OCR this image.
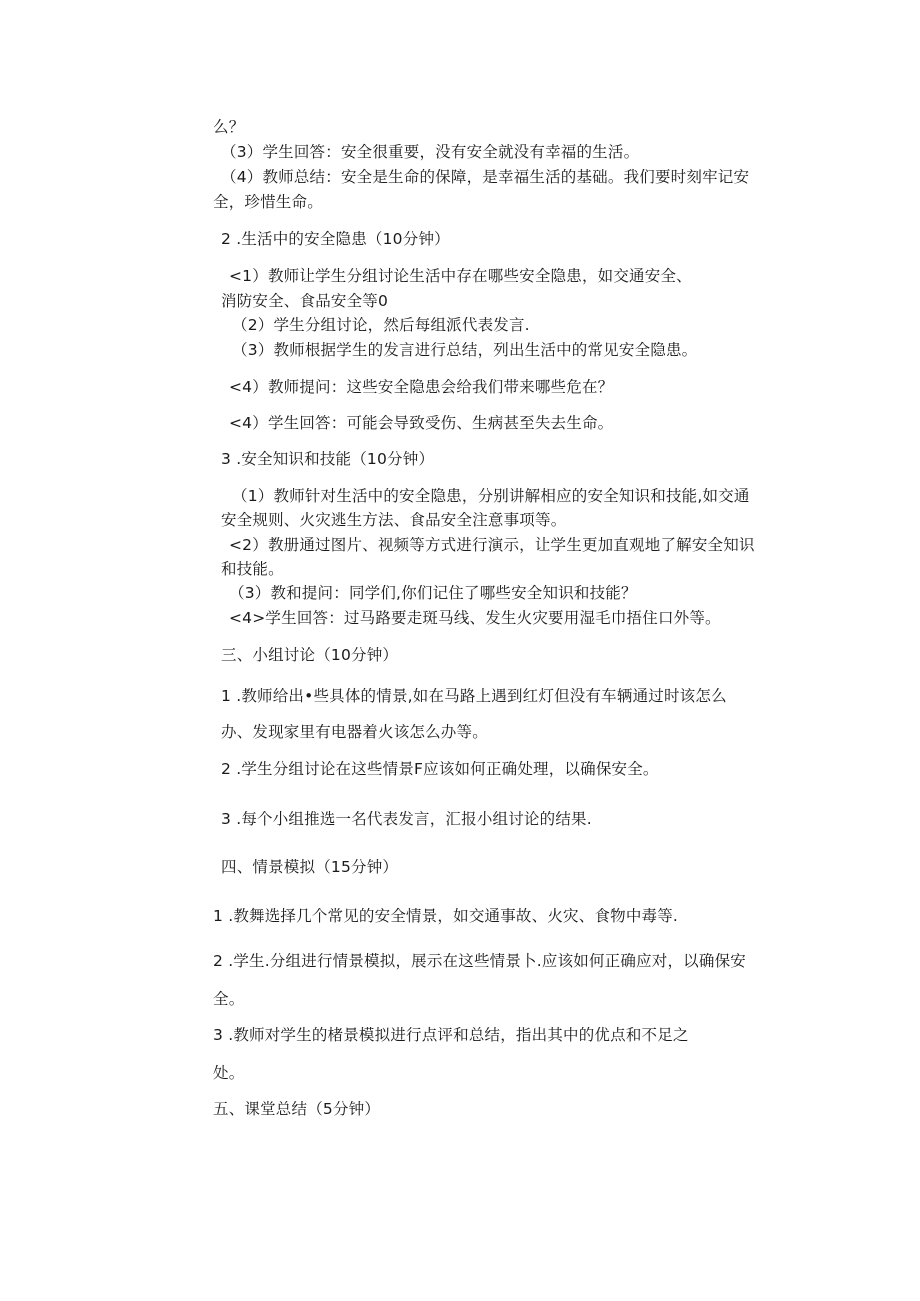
么？
（3）学生回答：安全很重要，没有安全就没有幸福的生活。
（4）教师总结：安全是生命的保障，是幸福生活的基础。我们要时刻牢记安
全，珍惜生命。
2 .生活中的安全隐患（10分钟）
<1）教师让学生分组讨论生活中存在哪些安全隐患，如交通安全、
消防安全、食品安全等0
（2）学生分组讨论，然后每组派代表发言.
（3）教师根据学生的发言进行总结，列出生活中的常见安全隐患。
<4）教师提问：这些安全隐患会给我们带来哪些危在？
<4）学生回答：可能会导致受伤、生病甚至失去生命。
3 .安全知识和技能（10分钟）
（1）教师针对生活中的安全隐患，分别讲解相应的安全知识和技能,如交通
安全规则、火灾逃生方法、食品安全注意事项等。
<2）教册通过图片、视频等方式进行演示，让学生更加直观地了解安全知识
和技能。
（3）教和提问：同学们,你们记住了哪些安全知识和技能？
<4>学生回答：过马路要走斑马线、发生火灾要用湿毛巾捂住口外等。
三、小组讨论（10分钟）
1 .教师给出•些具体的情景,如在马路上遇到红灯但没有车辆通过时该怎么
办、发现家里有电器着火该怎么办等。
2 .学生分组讨论在这些情景F应该如何正确处理，以确保安全。
3 .每个小组推选一名代表发言，汇报小组讨论的结果.
四、情景模拟（15分钟）
1 .教舞选择几个常见的安全情景，如交通事故、火灾、食物中毒等.
2 .学生.分组进行情景模拟，展示在这些情景卜.应该如何正确应对，以确保安
全。
3 .教师对学生的楮景模拟进行点评和总结，指出其中的优点和不足之
处。
五、课堂总结（5分钟）
